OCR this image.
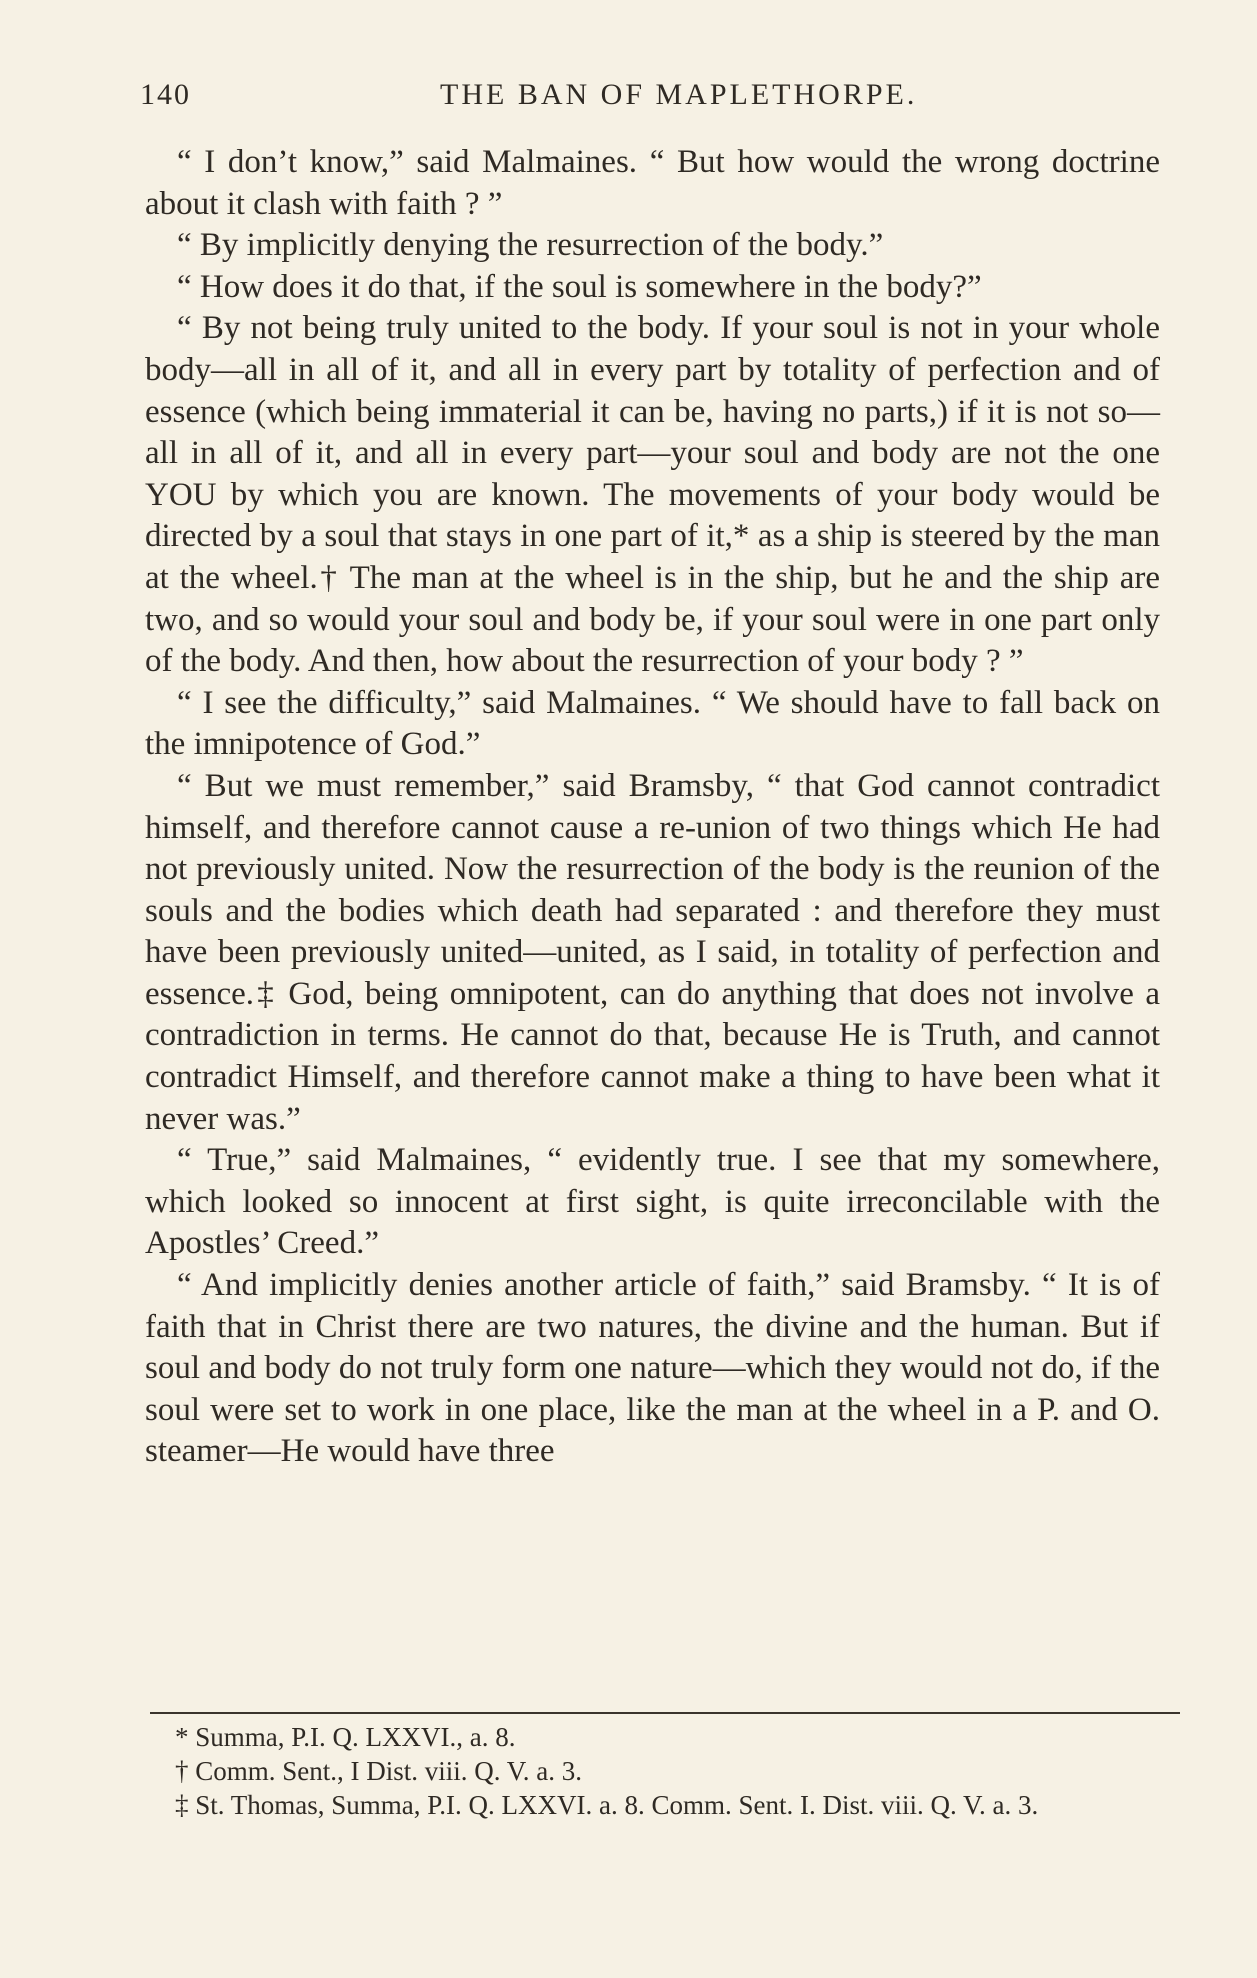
140	THE BAN OF MAPLETHORPE.

“ I don’t know,” said Malmaines. “ But how would the wrong doctrine about it clash with faith ? ”

“ By implicitly denying the resurrection of the body.”

“ How does it do that, if the soul is somewhere in the body?”

“ By not being truly united to the body. If your soul is not in your whole body—all in all of it, and all in every part by totality of perfection and of essence (which being immaterial it can be, having no parts,) if it is not so—all in all of it, and all in every part—your soul and body are not the one YOU by which you are known. The movements of your body would be directed by a soul that stays in one part of it,* as a ship is steered by the man at the wheel.† The man at the wheel is in the ship, but he and the ship are two, and so would your soul and body be, if your soul were in one part only of the body. And then, how about the resurrection of your body ? ”

“ I see the difficulty,” said Malmaines. “ We should have to fall back on the imnipotence of God.”

“ But we must remember,” said Bramsby, “ that God cannot contradict himself, and therefore cannot cause a re-union of two things which He had not previously united. Now the resurrection of the body is the reunion of the souls and the bodies which death had separated : and therefore they must have been previously united—united, as I said, in totality of perfection and essence.‡ God, being omnipotent, can do anything that does not involve a contradiction in terms. He cannot do that, because He is Truth, and cannot contradict Himself, and therefore cannot make a thing to have been what it never was.”

“ True,” said Malmaines, “ evidently true. I see that my somewhere, which looked so innocent at first sight, is quite irreconcilable with the Apostles’ Creed.”

“ And implicitly denies another article of faith,” said Bramsby. “ It is of faith that in Christ there are two natures, the divine and the human. But if soul and body do not truly form one nature—which they would not do, if the soul were set to work in one place, like the man at the wheel in a P. and O. steamer—He would have three

* Summa, P.I. Q. LXXVI., a. 8.

† Comm. Sent., I Dist. viii. Q. V. a. 3.

‡ St. Thomas, Summa, P.I. Q. LXXVI. a. 8. Comm. Sent. I. Dist. viii. Q. V. a. 3.
